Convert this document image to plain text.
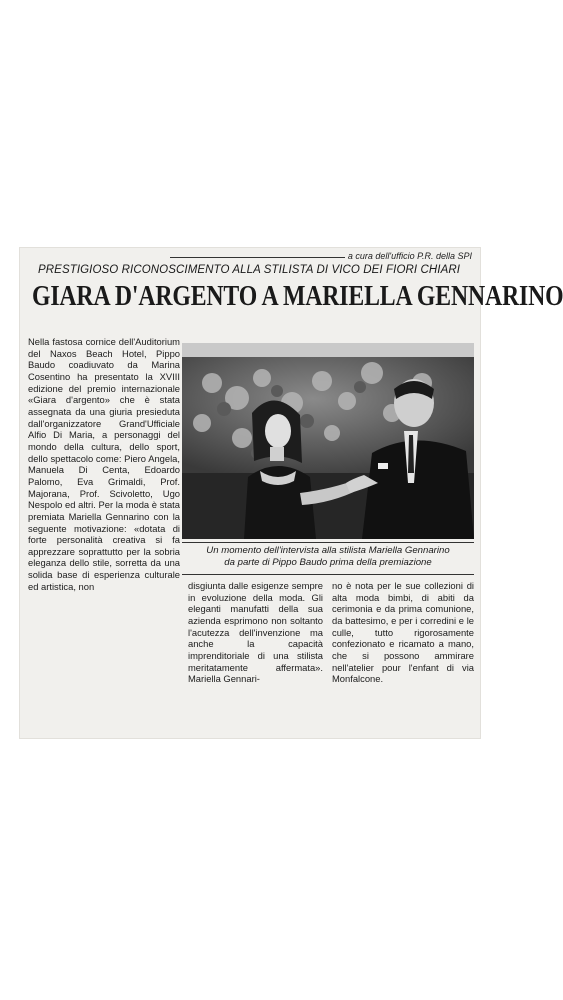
a cura dell'ufficio P.R. della SPI
PRESTIGIOSO RICONOSCIMENTO ALLA STILISTA DI VICO DEI FIORI CHIARI
GIARA D'ARGENTO A MARIELLA GENNARINO
Nella fastosa cornice dell'Auditorium del Naxos Beach Hotel, Pippo Baudo coadiuvato da Marina Cosentino ha presentato la XVIII edizione del premio internazionale «Giara d'argento» che è stata assegnata da una giuria presieduta dall'organizzatore Grand'Ufficiale Alfio Di Maria, a personaggi del mondo della cultura, dello sport, dello spettacolo come: Piero Angela, Manuela Di Centa, Edoardo Palomo, Eva Grimaldi, Prof. Majorana, Prof. Scivoletto, Ugo Nespolo ed altri. Per la moda è stata premiata Mariella Gennarino con la seguente motivazione: «dotata di forte personalità creativa si fa apprezzare soprattutto per la sobria eleganza dello stile, sorretta da una solida base di esperienza culturale ed artistica, non
Un momento dell'intervista alla stilista Mariella Gennarino
da parte di Pippo Baudo prima della premiazione
disgiunta dalle esigenze sempre in evoluzione della moda. Gli eleganti manufatti della sua azienda esprimono non soltanto l'acutezza dell'invenzione ma anche la capacità imprenditoriale di una stilista meritatamente affermata». Mariella Gennari-
no è nota per le sue collezioni di alta moda bimbi, di abiti da cerimonia e da prima comunione, da battesimo, e per i corredini e le culle, tutto rigorosamente confezionato e ricamato a mano, che si possono ammirare nell'atelier pour l'enfant di via Monfalcone.
